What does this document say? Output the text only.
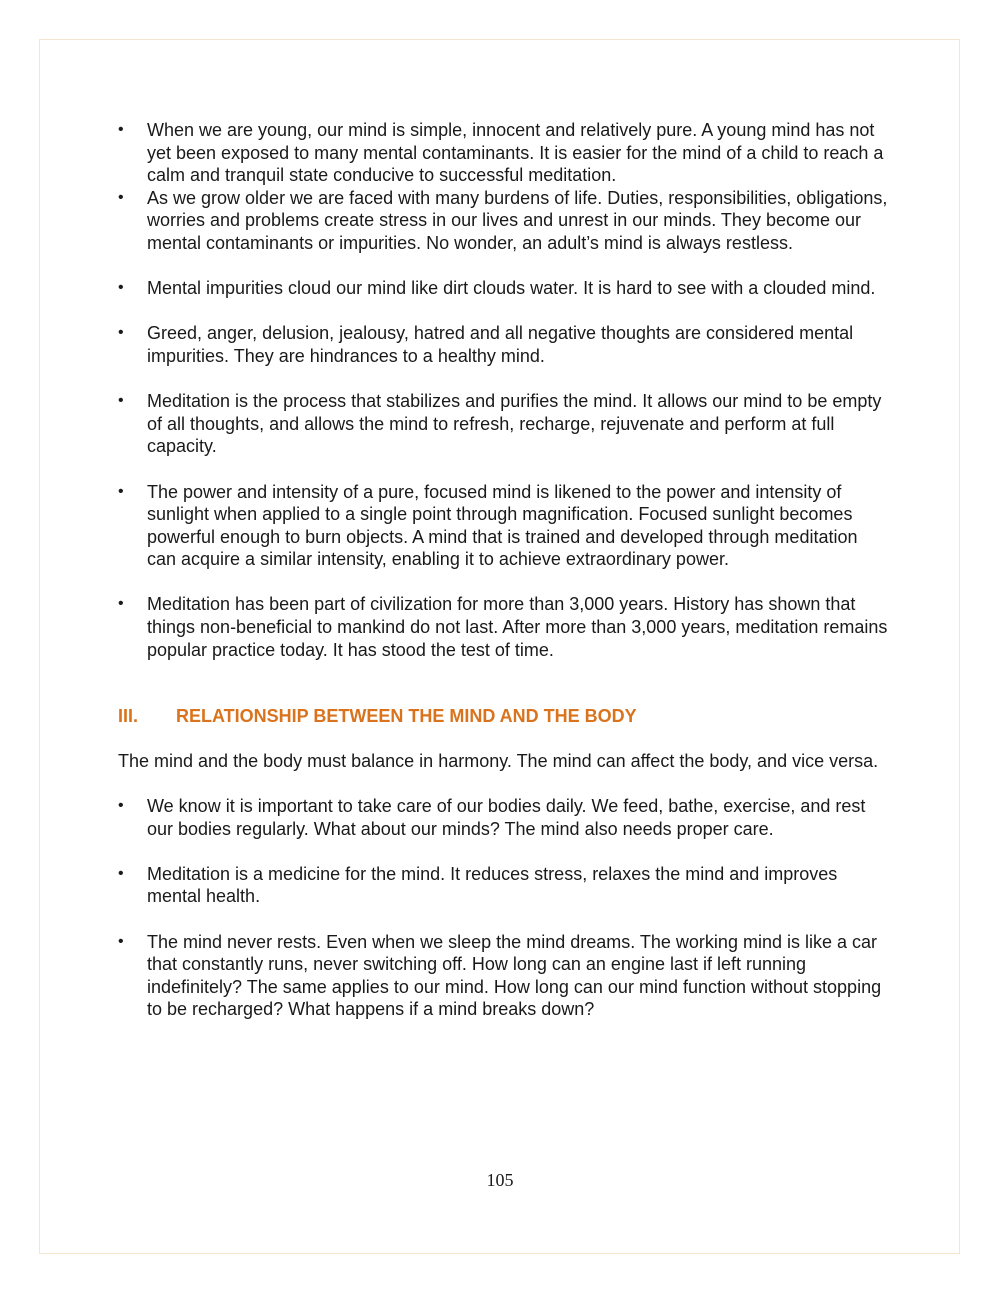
• When we are young, our mind is simple, innocent and relatively pure. A young mind has not yet been exposed to many mental contaminants. It is easier for the mind of a child to reach a calm and tranquil state conducive to successful meditation.
• As we grow older we are faced with many burdens of life. Duties, responsibilities, obligations, worries and problems create stress in our lives and unrest in our minds. They become our mental contaminants or impurities. No wonder, an adult’s mind is always restless.
• Mental impurities cloud our mind like dirt clouds water. It is hard to see with a clouded mind.
• Greed, anger, delusion, jealousy, hatred and all negative thoughts are considered mental impurities. They are hindrances to a healthy mind.
• Meditation is the process that stabilizes and purifies the mind. It allows our mind to be empty of all thoughts, and allows the mind to refresh, recharge, rejuvenate and perform at full capacity.
• The power and intensity of a pure, focused mind is likened to the power and intensity of sunlight when applied to a single point through magnification. Focused sunlight becomes powerful enough to burn objects. A mind that is trained and developed through meditation can acquire a similar intensity, enabling it to achieve extraordinary power.
• Meditation has been part of civilization for more than 3,000 years. History has shown that things non-beneficial to mankind do not last. After more than 3,000 years, meditation remains popular practice today. It has stood the test of time.
III. RELATIONSHIP BETWEEN THE MIND AND THE BODY

The mind and the body must balance in harmony. The mind can affect the body, and vice versa.

• We know it is important to take care of our bodies daily. We feed, bathe, exercise, and rest our bodies regularly. What about our minds? The mind also needs proper care.
• Meditation is a medicine for the mind. It reduces stress, relaxes the mind and improves mental health.
• The mind never rests. Even when we sleep the mind dreams. The working mind is like a car that constantly runs, never switching off. How long can an engine last if left running indefinitely? The same applies to our mind. How long can our mind function without stopping to be recharged? What happens if a mind breaks down?
105
